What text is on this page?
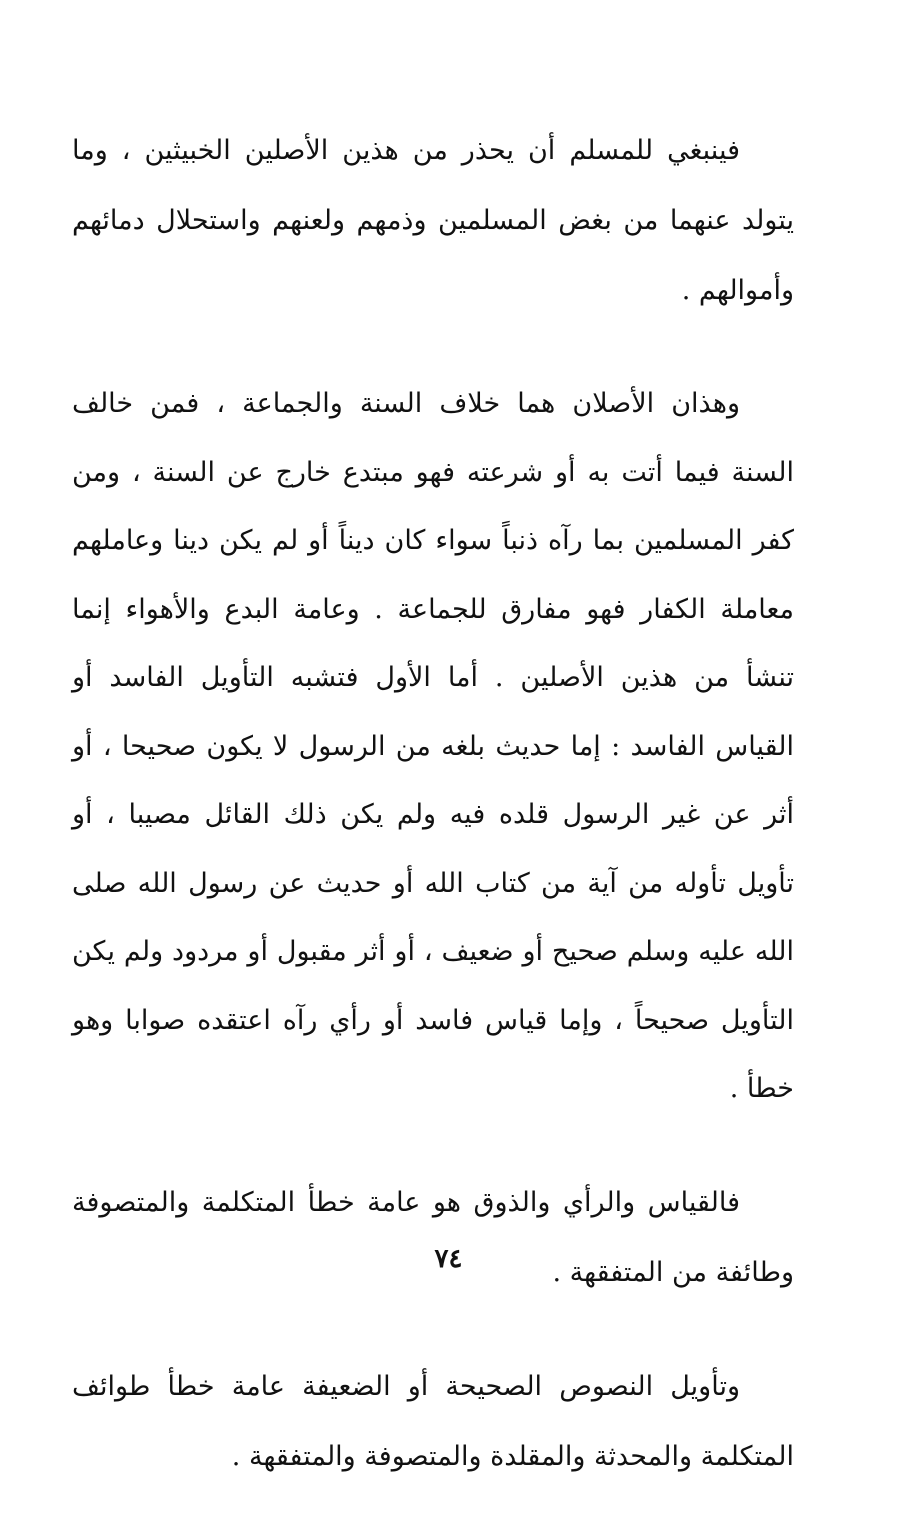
فينبغي للمسلم أن يحذر من هذين الأصلين الخبيثين ، وما يتولد عنهما من بغض المسلمين وذمهم ولعنهم واستحلال دمائهم وأموالهم .

وهذان الأصلان هما خلاف السنة والجماعة ، فمن خالف السنة فيما أتت به أو شرعته فهو مبتدع خارج عن السنة ، ومن كفر المسلمين بما رآه ذنباً سواء كان ديناً أو لم يكن دينا وعاملهم معاملة الكفار فهو مفارق للجماعة . وعامة البدع والأهواء إنما تنشأ من هذين الأصلين . أما الأول فتشبه التأويل الفاسد أو القياس الفاسد : إما حديث بلغه من الرسول لا يكون صحيحا ، أو أثر عن غير الرسول قلده فيه ولم يكن ذلك القائل مصيبا ، أو تأويل تأوله من آية من كتاب الله أو حديث عن رسول الله صلى الله عليه وسلم صحيح أو ضعيف ، أو أثر مقبول أو مردود ولم يكن التأويل صحيحاً ، وإما قياس فاسد أو رأي رآه اعتقده صوابا وهو خطأ .

فالقياس والرأي والذوق هو عامة خطأ المتكلمة والمتصوفة وطائفة من المتفقهة .

وتأويل النصوص الصحيحة أو الضعيفة عامة خطأ طوائف المتكلمة والمحدثة والمقلدة والمتصوفة والمتفقهة .

٧٤
